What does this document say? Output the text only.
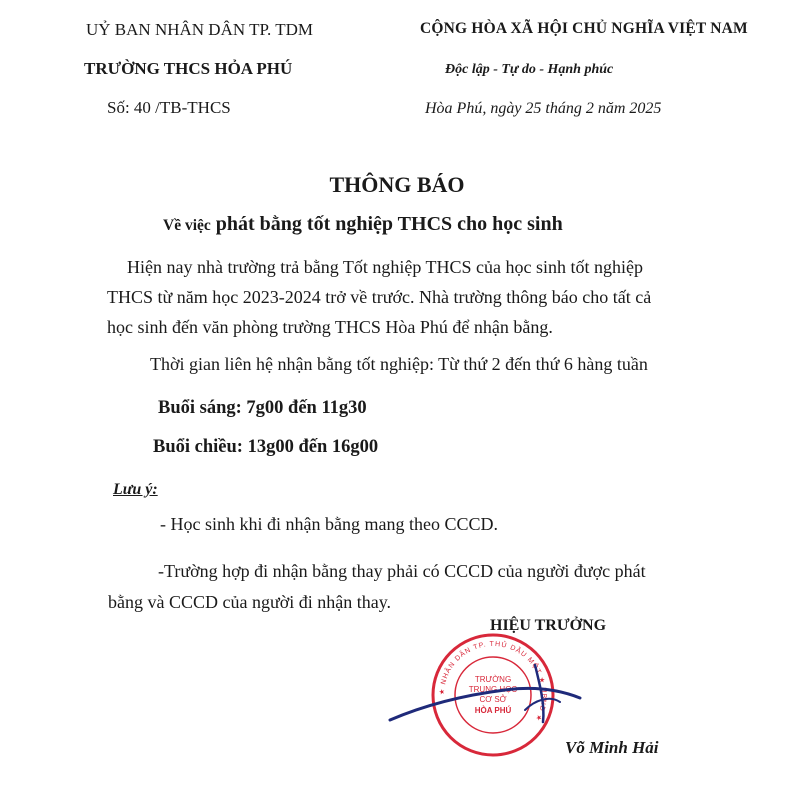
UỶ BAN NHÂN DÂN TP. TDM
TRƯỜNG THCS HỎA PHÚ
Số: 40 /TB-THCS
CỘNG HÒA XÃ HỘI CHỦ NGHĨA VIỆT NAM
Độc lập - Tự do - Hạnh phúc
Hòa Phú, ngày 25 tháng 2 năm 2025
THÔNG BÁO
Về việc phát bằng tốt nghiệp THCS cho học sinh
Hiện nay nhà trường trả bằng Tốt nghiệp THCS của học sinh tốt nghiệp
THCS từ năm học 2023-2024 trở về trước. Nhà trường thông báo cho tất cả
học sinh đến văn phòng trường THCS Hòa Phú để nhận bằng.
Thời gian liên hệ nhận bằng tốt nghiệp: Từ thứ 2 đến thứ 6 hàng tuần
Buổi sáng: 7g00 đến 11g30
Buổi chiều: 13g00 đến 16g00
Lưu ý:
- Học sinh khi đi nhận bằng mang theo CCCD.
-Trường hợp đi nhận bằng thay phải có CCCD của người được phát
bằng và CCCD của người đi nhận thay.
HIỆU TRƯỞNG
★ NHÂN DÂN TP. THỦ DẦU MỘT ★ UBND ★
TRƯỜNG
TRUNG HỌC
CƠ SỞ
HÒA PHÚ
Võ Minh Hải
